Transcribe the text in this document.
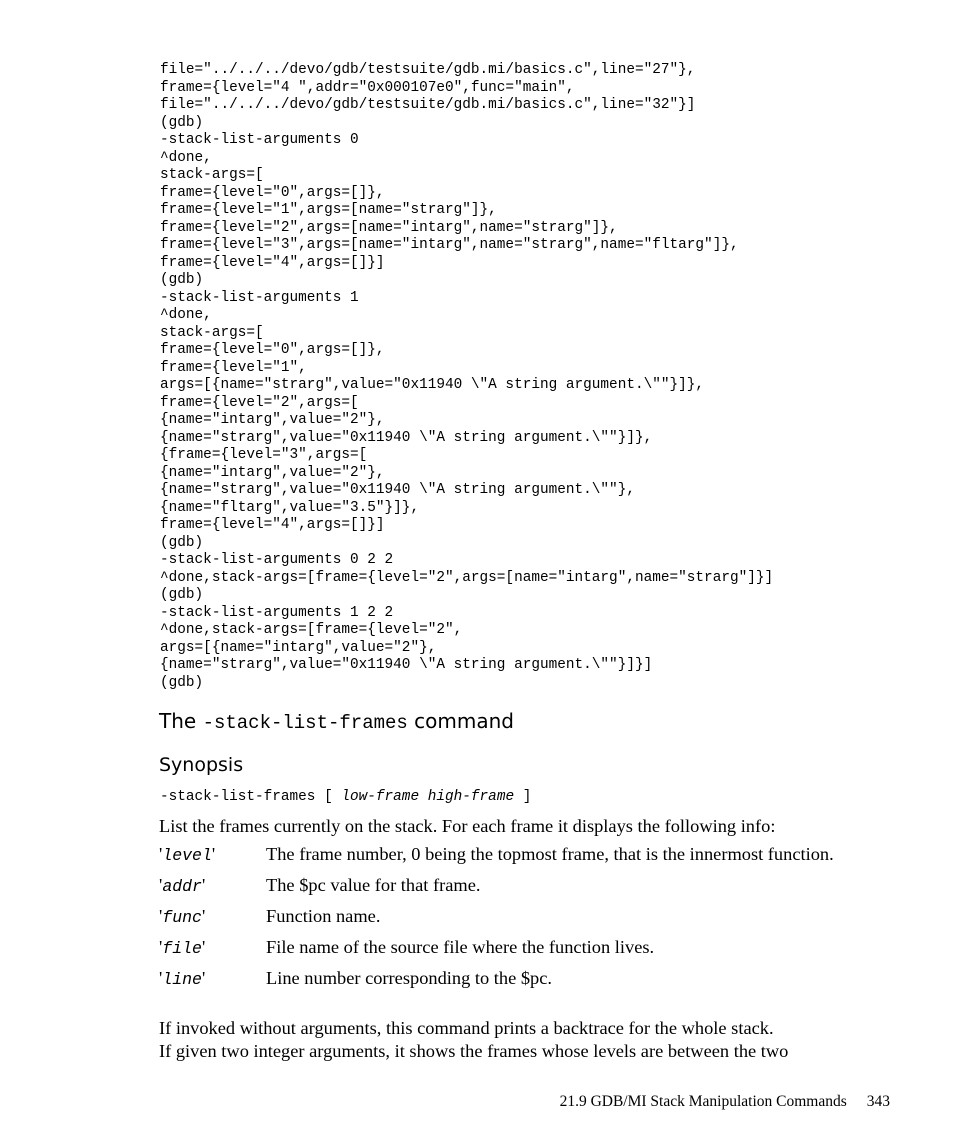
file="../../../devo/gdb/testsuite/gdb.mi/basics.c",line="27"},
frame={level="4 ",addr="0x000107e0",func="main",
file="../../../devo/gdb/testsuite/gdb.mi/basics.c",line="32"}]
(gdb)
-stack-list-arguments 0
^done,
stack-args=[
frame={level="0",args=[]},
frame={level="1",args=[name="strarg"]},
frame={level="2",args=[name="intarg",name="strarg"]},
frame={level="3",args=[name="intarg",name="strarg",name="fltarg"]},
frame={level="4",args=[]}]
(gdb)
-stack-list-arguments 1
^done,
stack-args=[
frame={level="0",args=[]},
frame={level="1",
args=[{name="strarg",value="0x11940 \"A string argument.\""}]},
frame={level="2",args=[
{name="intarg",value="2"},
{name="strarg",value="0x11940 \"A string argument.\""}]},
{frame={level="3",args=[
{name="intarg",value="2"},
{name="strarg",value="0x11940 \"A string argument.\""},
{name="fltarg",value="3.5"}]},
frame={level="4",args=[]}]
(gdb)
-stack-list-arguments 0 2 2
^done,stack-args=[frame={level="2",args=[name="intarg",name="strarg"]}]
(gdb)
-stack-list-arguments 1 2 2
^done,stack-args=[frame={level="2",
args=[{name="intarg",value="2"},
{name="strarg",value="0x11940 \"A string argument.\""}]}]
(gdb)
The -stack-list-frames command
Synopsis
-stack-list-frames [ low-frame high-frame ]
List the frames currently on the stack. For each frame it displays the following info:
'level'	The frame number, 0 being the topmost frame, that is the innermost function.
'addr'	The $pc value for that frame.
'func'	Function name.
'file'	File name of the source file where the function lives.
'line'	Line number corresponding to the $pc.
If invoked without arguments, this command prints a backtrace for the whole stack.
If given two integer arguments, it shows the frames whose levels are between the two
21.9 GDB/MI Stack Manipulation Commands 343
